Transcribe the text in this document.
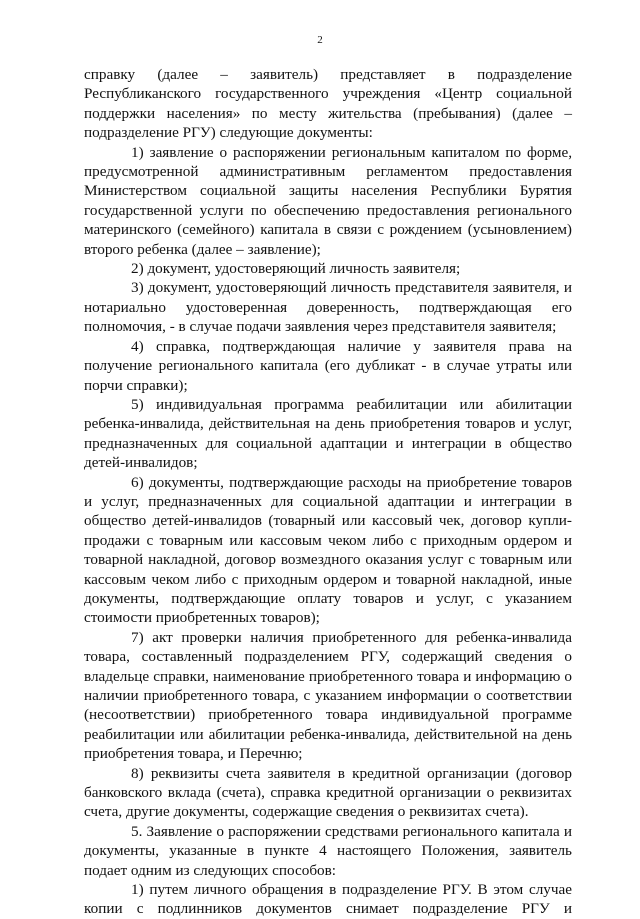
2
справку (далее – заявитель) представляет в подразделение
Республиканского государственного учреждения «Центр социальной
поддержки населения» по месту жительства (пребывания) (далее –
подразделение РГУ) следующие документы:
1) заявление о распоряжении региональным капиталом по форме,
предусмотренной административным регламентом предоставления
Министерством социальной защиты населения Республики Бурятия
государственной услуги по обеспечению предоставления регионального
материнского (семейного) капитала в связи с рождением (усыновлением)
второго ребенка (далее – заявление);
2) документ, удостоверяющий личность заявителя;
3) документ, удостоверяющий личность представителя заявителя, и
нотариально удостоверенная доверенность, подтверждающая его
полномочия, - в случае подачи заявления через представителя заявителя;
4) справка, подтверждающая наличие у заявителя права на
получение регионального капитала (его дубликат - в случае утраты или
порчи справки);
5) индивидуальная программа реабилитации или абилитации
ребенка-инвалида, действительная на день приобретения товаров и услуг,
предназначенных для социальной адаптации и интеграции в общество
детей-инвалидов;
6) документы, подтверждающие расходы на приобретение товаров
и услуг, предназначенных для социальной адаптации и интеграции в
общество детей-инвалидов (товарный или кассовый чек, договор купли-
продажи с товарным или кассовым чеком либо с приходным ордером и
товарной накладной, договор возмездного оказания услуг с товарным или
кассовым чеком либо с приходным ордером и товарной накладной, иные
документы, подтверждающие оплату товаров и услуг, с указанием
стоимости приобретенных товаров);
7) акт проверки наличия приобретенного для ребенка-инвалида
товара, составленный подразделением РГУ, содержащий сведения о
владельце справки, наименование приобретенного товара и информацию о
наличии приобретенного товара, с указанием информации о соответствии
(несоответствии) приобретенного товара индивидуальной программе
реабилитации или абилитации ребенка-инвалида, действительной на день
приобретения товара, и Перечню;
8) реквизиты счета заявителя в кредитной организации (договор
банковского вклада (счета), справка кредитной организации о реквизитах
счета, другие документы, содержащие сведения о реквизитах счета).
5. Заявление о распоряжении средствами регионального капитала и
документы, указанные в пункте 4 настоящего Положения, заявитель
подает одним из следующих способов:
1) путем личного обращения в подразделение РГУ. В этом случае
копии с подлинников документов снимает подразделение РГУ и
